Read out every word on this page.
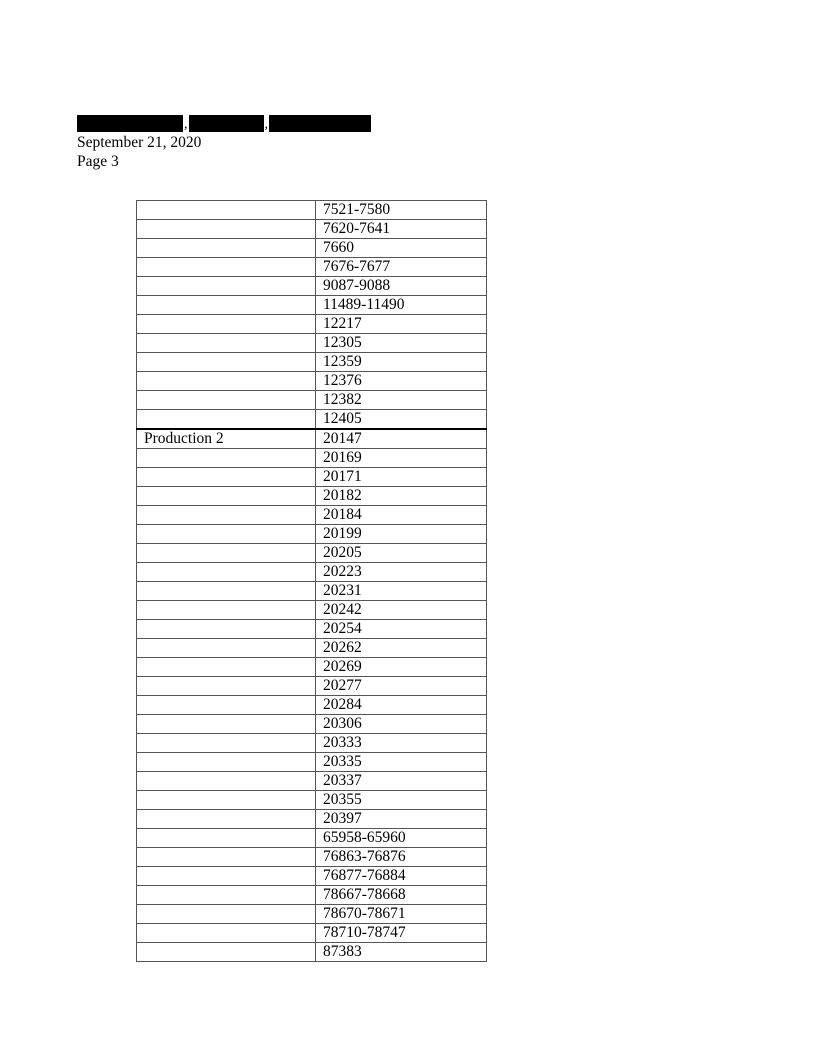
,	,
September 21, 2020
Page 3
	7521-7580
	7620-7641
	7660
	7676-7677
	9087-9088
	11489-11490
	12217
	12305
	12359
	12376
	12382
	12405
Production 2	20147
	20169
	20171
	20182
	20184
	20199
	20205
	20223
	20231
	20242
	20254
	20262
	20269
	20277
	20284
	20306
	20333
	20335
	20337
	20355
	20397
	65958-65960
	76863-76876
	76877-76884
	78667-78668
	78670-78671
	78710-78747
	87383
